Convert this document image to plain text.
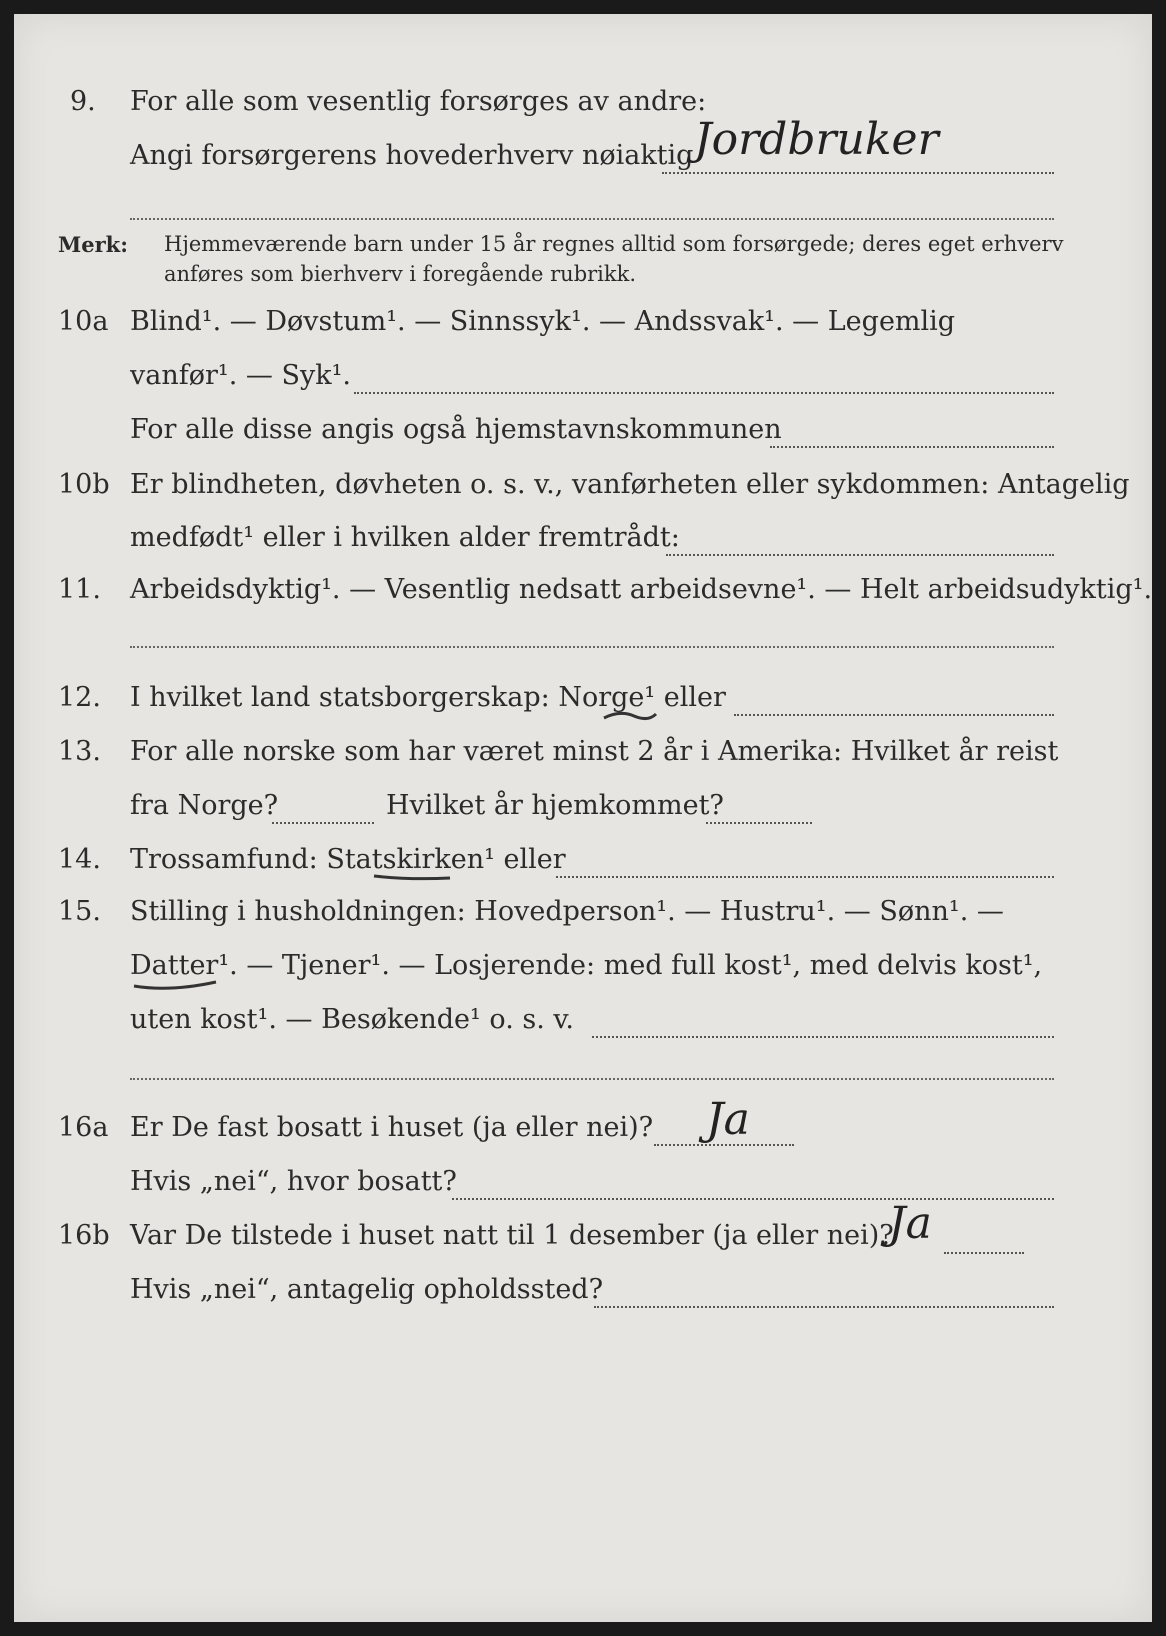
9. For alle som vesentlig forsørges av andre:
Angi forsørgerens hovederhverv nøiaktig Jordbruker
Merk: Hjemmeværende barn under 15 år regnes alltid som forsørgede; deres eget erhverv
anføres som bierhverv i foregående rubrikk.
10a Blind¹. — Døvstum¹. — Sinnssyk¹. — Andssvak¹. — Legemlig
vanfør¹. — Syk¹.
For alle disse angis også hjemstavnskommunen
10b Er blindheten, døvheten o. s. v., vanførheten eller sykdommen: Antagelig
medfødt¹ eller i hvilken alder fremtrådt:
11. Arbeidsdyktig¹. — Vesentlig nedsatt arbeidsevne¹. — Helt arbeidsudyktig¹.
12. I hvilket land statsborgerskap: Norge¹ eller
13. For alle norske som har været minst 2 år i Amerika: Hvilket år reist
fra Norge?	Hvilket år hjemkommet?
14. Trossamfund: Statskirken¹ eller
15. Stilling i husholdningen: Hovedperson¹. — Hustru¹. — Sønn¹. —
Datter¹. — Tjener¹. — Losjerende: med full kost¹, med delvis kost¹,
uten kost¹. — Besøkende¹ o. s. v.
16a Er De fast bosatt i huset (ja eller nei)? Ja
Hvis „nei“, hvor bosatt?
16b Var De tilstede i huset natt til 1 desember (ja eller nei)?
Ja
Hvis „nei“, antagelig opholdssted?
